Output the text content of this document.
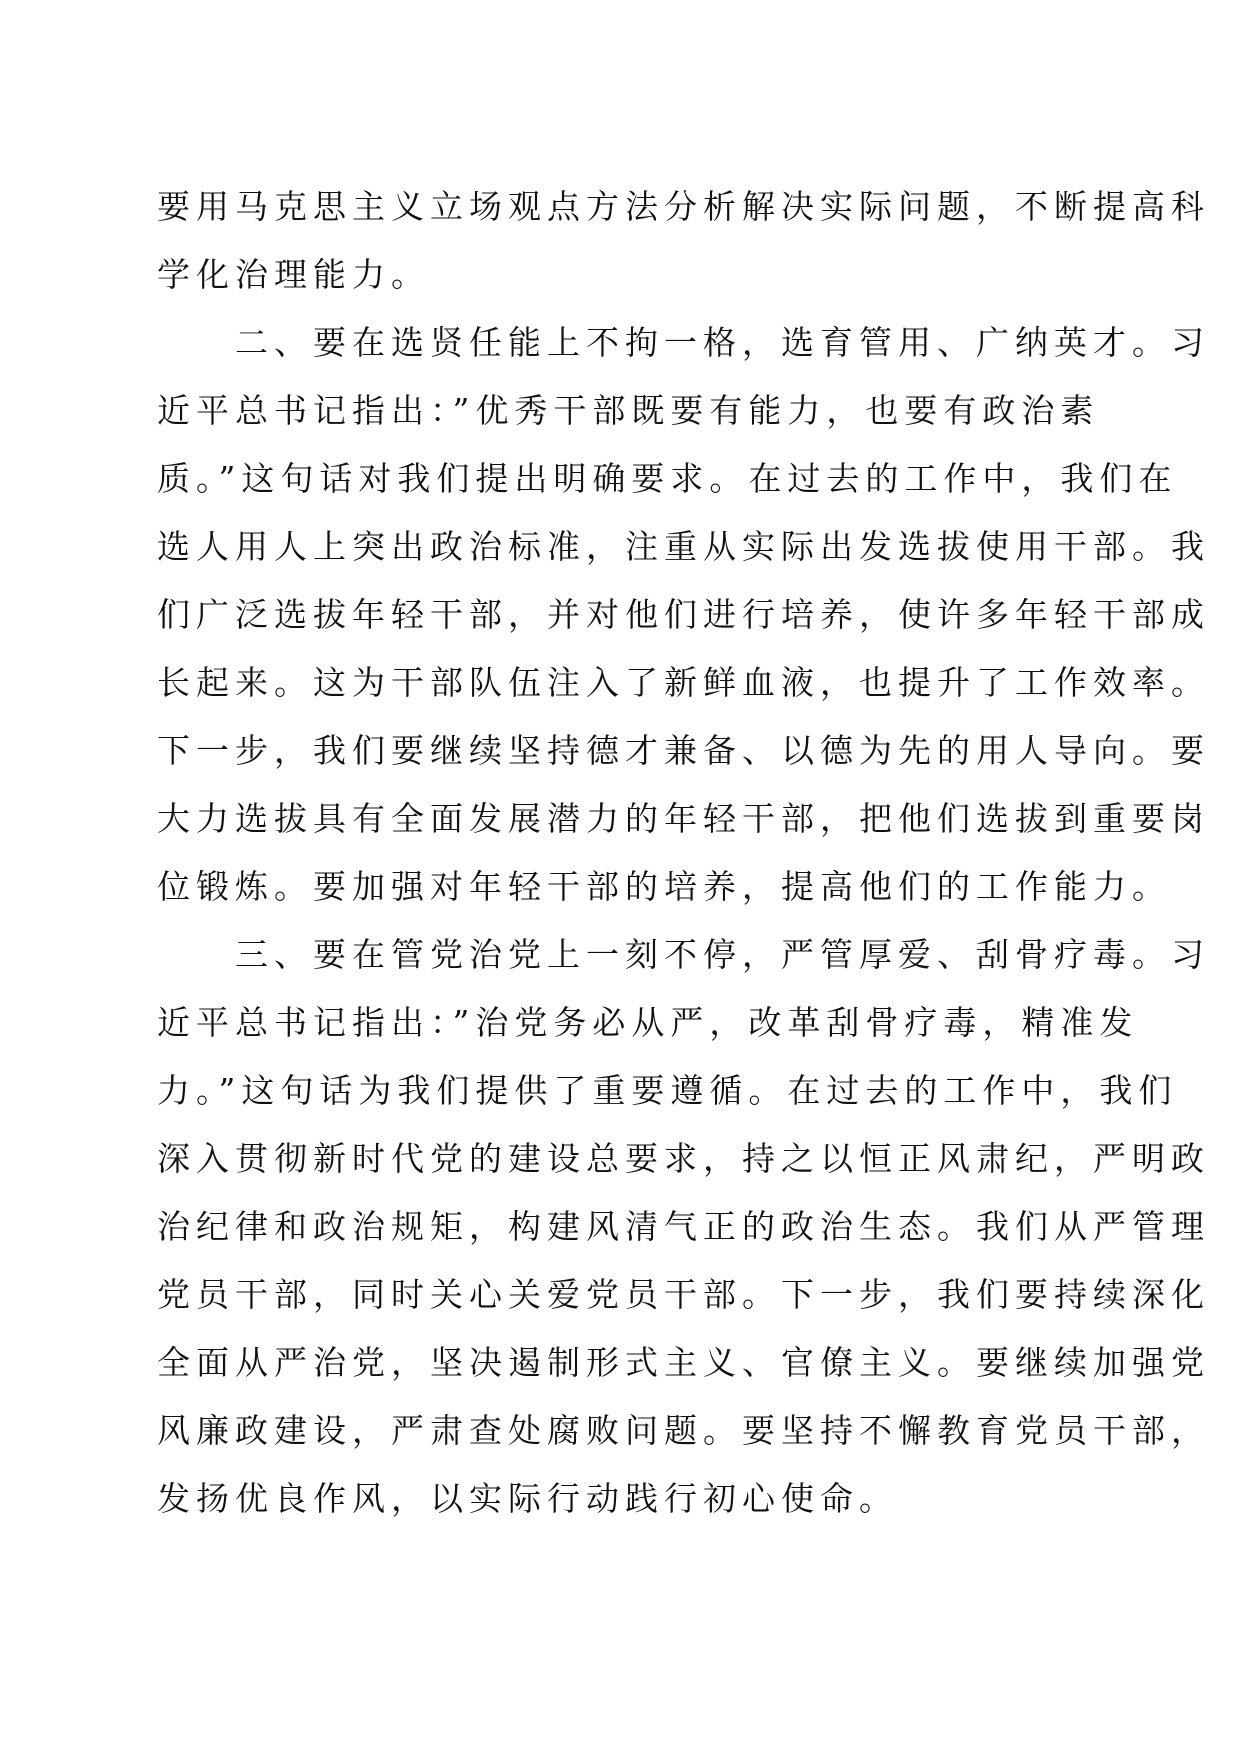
要用马克思主义立场观点方法分析解决实际问题，不断提高科
学化治理能力。
　　二、要在选贤任能上不拘一格，选育管用、广纳英才。习
近平总书记指出：”优秀干部既要有能力，也要有政治素
质。”这句话对我们提出明确要求。在过去的工作中，我们在
选人用人上突出政治标准，注重从实际出发选拔使用干部。我
们广泛选拔年轻干部，并对他们进行培养，使许多年轻干部成
长起来。这为干部队伍注入了新鲜血液，也提升了工作效率。
下一步，我们要继续坚持德才兼备、以德为先的用人导向。要
大力选拔具有全面发展潜力的年轻干部，把他们选拔到重要岗
位锻炼。要加强对年轻干部的培养，提高他们的工作能力。
　　三、要在管党治党上一刻不停，严管厚爱、刮骨疗毒。习
近平总书记指出：”治党务必从严，改革刮骨疗毒，精准发
力。”这句话为我们提供了重要遵循。在过去的工作中，我们
深入贯彻新时代党的建设总要求，持之以恒正风肃纪，严明政
治纪律和政治规矩，构建风清气正的政治生态。我们从严管理
党员干部，同时关心关爱党员干部。下一步，我们要持续深化
全面从严治党，坚决遏制形式主义、官僚主义。要继续加强党
风廉政建设，严肃查处腐败问题。要坚持不懈教育党员干部，
发扬优良作风，以实际行动践行初心使命。
